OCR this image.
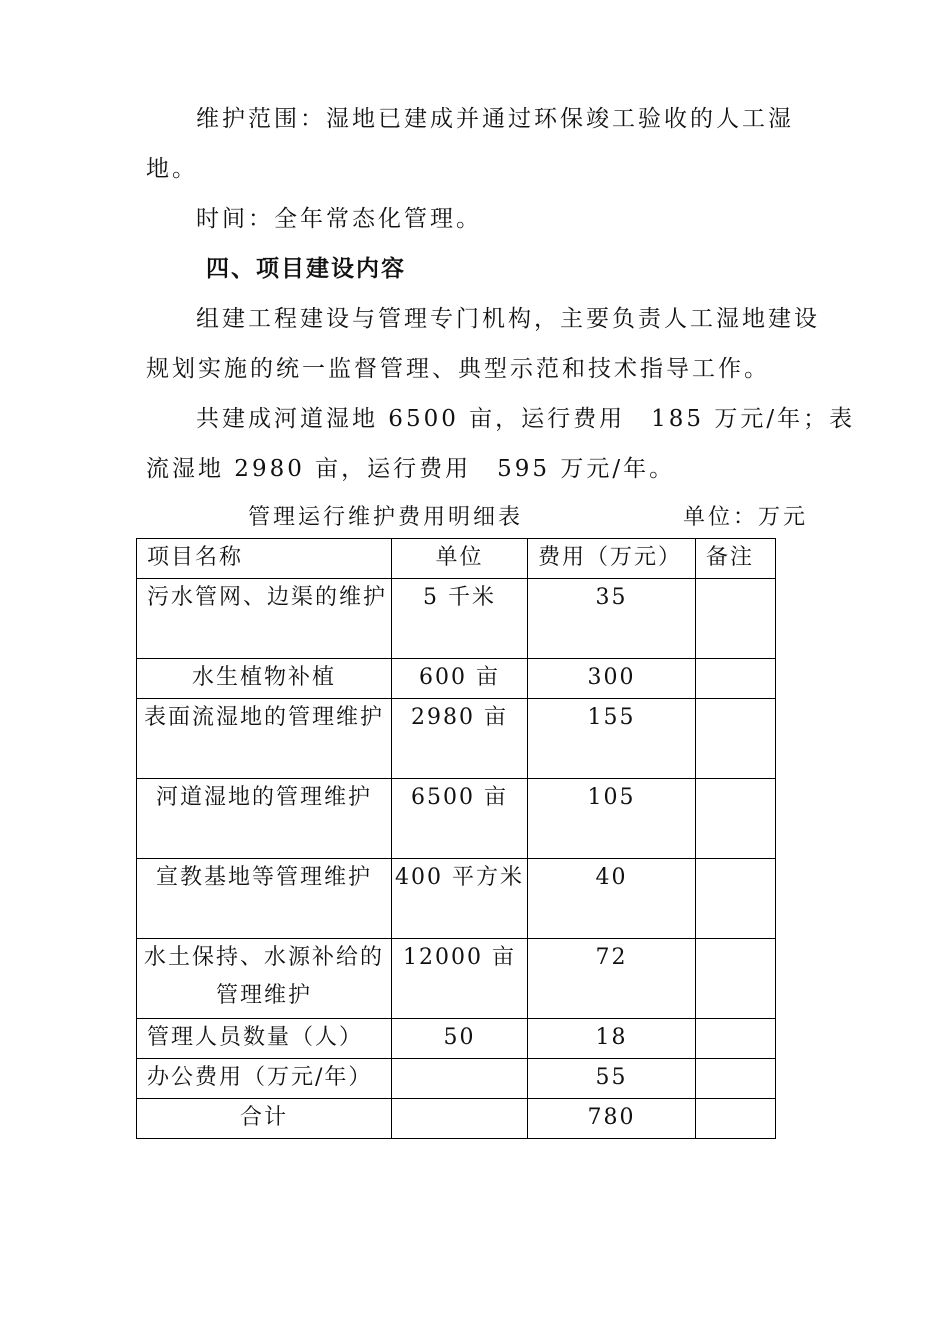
维护范围：湿地已建成并通过环保竣工验收的人工湿
地。
时间：全年常态化管理。
四、项目建设内容
组建工程建设与管理专门机构，主要负责人工湿地建设
规划实施的统一监督管理、典型示范和技术指导工作。
共建成河道湿地 6500 亩，运行费用　185 万元/年；表
流湿地 2980 亩，运行费用　595 万元/年。
管理运行维护费用明细表	单位：万元
项目名称	单位	费用（万元）	备注
污水管网、边渠的维护	5 千米	35	
水生植物补植	600 亩	300	
表面流湿地的管理维护	2980 亩	155	
河道湿地的管理维护	6500 亩	105	
宣教基地等管理维护	400 平方米	40	
水土保持、水源补给的管理维护	12000 亩	72	
管理人员数量（人）	50	18	
办公费用（万元/年）		55	
合计		780	
